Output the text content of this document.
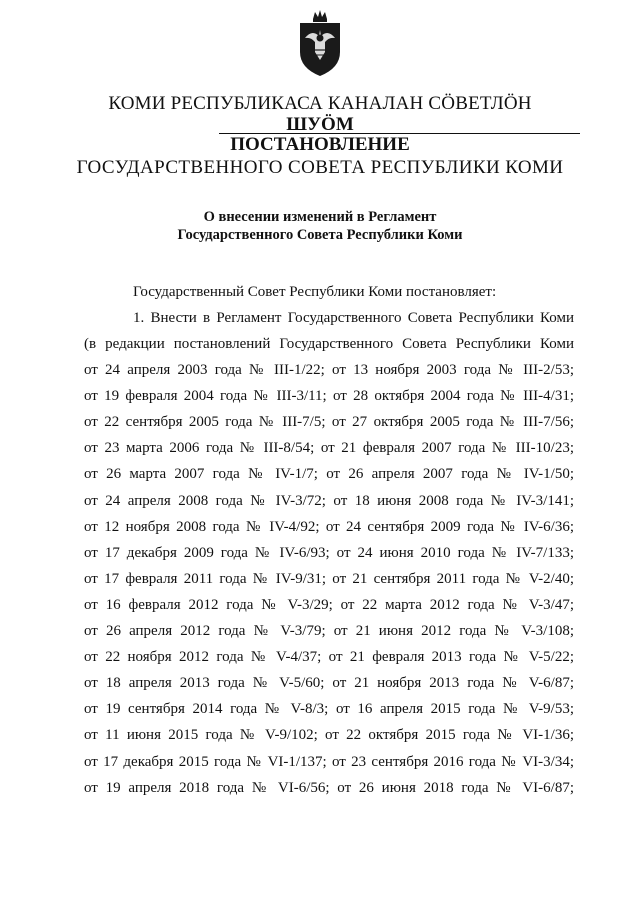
КОМИ РЕСПУБЛИКАСА КАНАЛАН СÖВЕТЛÖН
ШУÖМ
ПОСТАНОВЛЕНИЕ
ГОСУДАРСТВЕННОГО СОВЕТА РЕСПУБЛИКИ КОМИ
О внесении изменений в Регламент
Государственного Совета Республики Коми
Государственный Совет Республики Коми постановляет:
1. Внести в Регламент Государственного Совета Республики Коми
(в редакции постановлений Государственного Совета Республики Коми
от 24 апреля 2003 года № III-1/22; от 13 ноября 2003 года № III-2/53;
от 19 февраля 2004 года № III-3/11; от 28 октября 2004 года № III-4/31;
от 22 сентября 2005 года № III-7/5; от 27 октября 2005 года № III-7/56;
от 23 марта 2006 года № III-8/54; от 21 февраля 2007 года № III-10/23;
от 26 марта 2007 года № IV-1/7; от 26 апреля 2007 года № IV-1/50;
от 24 апреля 2008 года № IV-3/72; от 18 июня 2008 года № IV-3/141;
от 12 ноября 2008 года № IV-4/92; от 24 сентября 2009 года № IV-6/36;
от 17 декабря 2009 года № IV-6/93; от 24 июня 2010 года № IV-7/133;
от 17 февраля 2011 года № IV-9/31; от 21 сентября 2011 года № V-2/40;
от 16 февраля 2012 года № V-3/29; от 22 марта 2012 года № V-3/47;
от 26 апреля 2012 года № V-3/79; от 21 июня 2012 года № V-3/108;
от 22 ноября 2012 года № V-4/37; от 21 февраля 2013 года № V-5/22;
от 18 апреля 2013 года № V-5/60; от 21 ноября 2013 года № V-6/87;
от 19 сентября 2014 года № V-8/3; от 16 апреля 2015 года № V-9/53;
от 11 июня 2015 года № V-9/102; от 22 октября 2015 года № VI-1/36;
от 17 декабря 2015 года № VI-1/137; от 23 сентября 2016 года № VI-3/34;
от 19 апреля 2018 года № VI-6/56; от 26 июня 2018 года № VI-6/87;
